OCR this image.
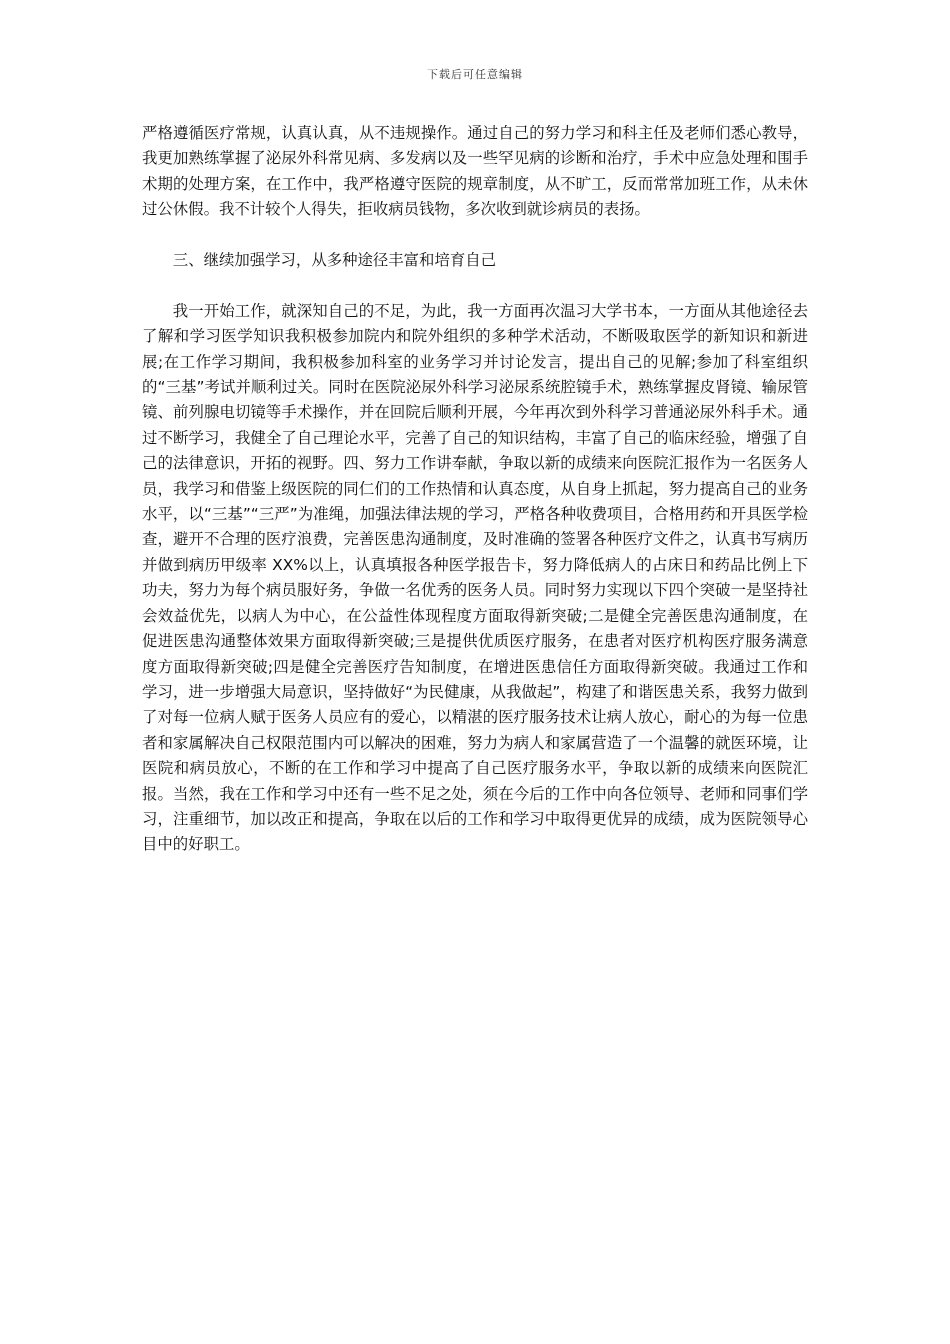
下载后可任意编辑

严格遵循医疗常规，认真认真，从不违规操作。通过自己的努力学习和科主任及老师们悉心教导，我更加熟练掌握了泌尿外科常见病、多发病以及一些罕见病的诊断和治疗，手术中应急处理和围手术期的处理方案，在工作中，我严格遵守医院的规章制度，从不旷工，反而常常加班工作，从未休过公休假。我不计较个人得失，拒收病员钱物，多次收到就诊病员的表扬。

三、继续加强学习，从多种途径丰富和培育自己

我一开始工作，就深知自己的不足，为此，我一方面再次温习大学书本，一方面从其他途径去了解和学习医学知识我积极参加院内和院外组织的多种学术活动，不断吸取医学的新知识和新进展;在工作学习期间，我积极参加科室的业务学习并讨论发言，提出自己的见解;参加了科室组织的“三基”考试并顺利过关。同时在医院泌尿外科学习泌尿系统腔镜手术，熟练掌握皮肾镜、输尿管镜、前列腺电切镜等手术操作，并在回院后顺利开展，今年再次到外科学习普通泌尿外科手术。通过不断学习，我健全了自己理论水平，完善了自己的知识结构，丰富了自己的临床经验，增强了自己的法律意识，开拓的视野。四、努力工作讲奉献，争取以新的成绩来向医院汇报作为一名医务人员，我学习和借鉴上级医院的同仁们的工作热情和认真态度，从自身上抓起，努力提高自己的业务水平，以“三基”“三严”为准绳，加强法律法规的学习，严格各种收费项目，合格用药和开具医学检查，避开不合理的医疗浪费，完善医患沟通制度，及时准确的签署各种医疗文件之，认真书写病历并做到病历甲级率 XX%以上，认真填报各种医学报告卡，努力降低病人的占床日和药品比例上下功夫，努力为每个病员服好务，争做一名优秀的医务人员。同时努力实现以下四个突破一是坚持社会效益优先，以病人为中心，在公益性体现程度方面取得新突破;二是健全完善医患沟通制度，在促进医患沟通整体效果方面取得新突破;三是提供优质医疗服务，在患者对医疗机构医疗服务满意度方面取得新突破;四是健全完善医疗告知制度，在增进医患信任方面取得新突破。我通过工作和学习，进一步增强大局意识，坚持做好“为民健康，从我做起”，构建了和谐医患关系，我努力做到了对每一位病人赋于医务人员应有的爱心，以精湛的医疗服务技术让病人放心，耐心的为每一位患者和家属解决自己权限范围内可以解决的困难，努力为病人和家属营造了一个温馨的就医环境，让医院和病员放心，不断的在工作和学习中提高了自己医疗服务水平，争取以新的成绩来向医院汇报。当然，我在工作和学习中还有一些不足之处，须在今后的工作中向各位领导、老师和同事们学习，注重细节，加以改正和提高，争取在以后的工作和学习中取得更优异的成绩，成为医院领导心目中的好职工。
